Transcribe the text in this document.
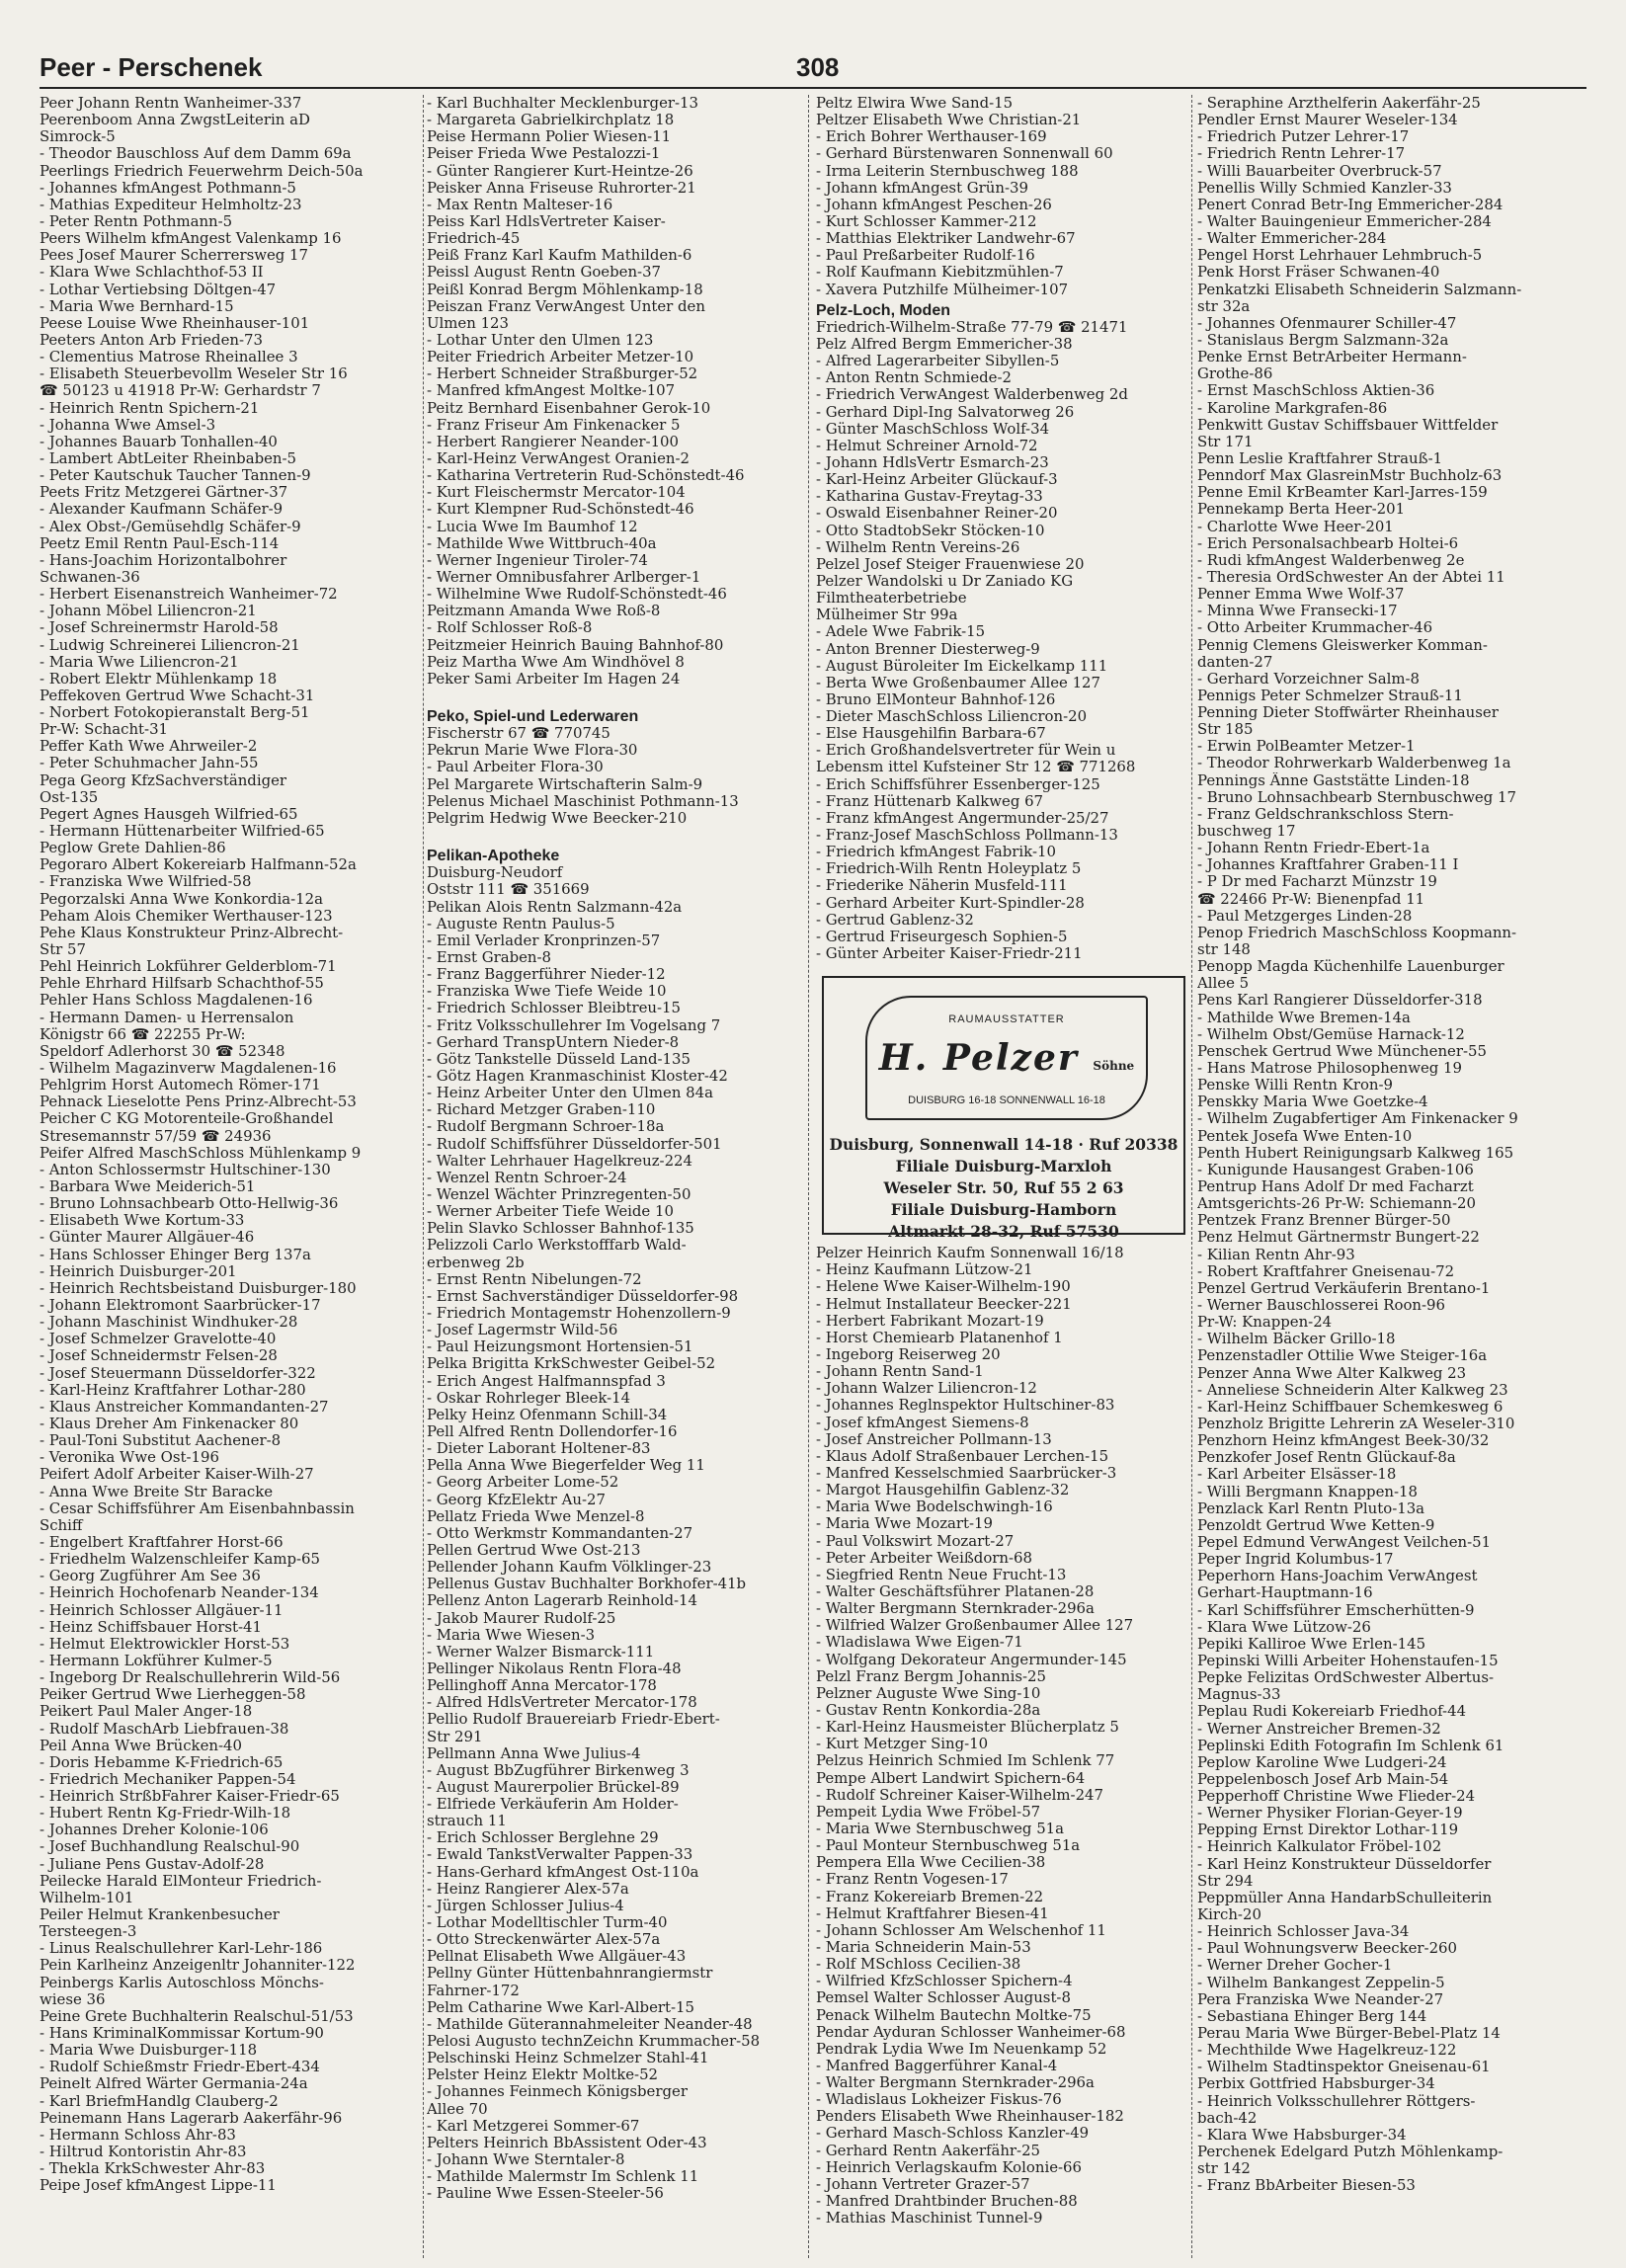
Peer - Perschenek	308
Peer Johann Rentn Wanheimer-337
Peerenboom Anna ZwgstLeiterin aD
Simrock-5
- Theodor Bauschloss Auf dem Damm 69a
Peerlings Friedrich Feuerwehrm Deich-50a
- Johannes kfmAngest Pothmann-5
- Mathias Expediteur Helmholtz-23
- Peter Rentn Pothmann-5
Peers Wilhelm kfmAngest Valenkamp 16
Pees Josef Maurer Scherrersweg 17
- Klara Wwe Schlachthof-53 II
- Lothar Vertiebsing Döltgen-47
- Maria Wwe Bernhard-15
Peese Louise Wwe Rheinhauser-101
Peeters Anton Arb Frieden-73
- Clementius Matrose Rheinallee 3
- Elisabeth Steuerbevollm Weseler Str 16
☎ 50123 u 41918 Pr-W: Gerhardstr 7
- Heinrich Rentn Spichern-21
- Johanna Wwe Amsel-3
- Johannes Bauarb Tonhallen-40
- Lambert AbtLeiter Rheinbaben-5
- Peter Kautschuk Taucher Tannen-9
Peets Fritz Metzgerei Gärtner-37
- Alexander Kaufmann Schäfer-9
- Alex Obst-/Gemüsehdlg Schäfer-9
Peetz Emil Rentn Paul-Esch-114
- Hans-Joachim Horizontalbohrer
Schwanen-36
- Herbert Eisenanstreich Wanheimer-72
- Johann Möbel Liliencron-21
- Josef Schreinermstr Harold-58
- Ludwig Schreinerei Liliencron-21
- Maria Wwe Liliencron-21
- Robert Elektr Mühlenkamp 18
Peffekoven Gertrud Wwe Schacht-31
- Norbert Fotokopieranstalt Berg-51
Pr-W: Schacht-31
Peffer Kath Wwe Ahrweiler-2
- Peter Schuhmacher Jahn-55
Pega Georg KfzSachverständiger
Ost-135
Pegert Agnes Hausgeh Wilfried-65
- Hermann Hüttenarbeiter Wilfried-65
Peglow Grete Dahlien-86
Pegoraro Albert Kokereiarb Halfmann-52a
- Franziska Wwe Wilfried-58
Pegorzalski Anna Wwe Konkordia-12a
Peham Alois Chemiker Werthauser-123
Pehe Klaus Konstrukteur Prinz-Albrecht-
Str 57
Pehl Heinrich Lokführer Gelderblom-71
Pehle Ehrhard Hilfsarb Schachthof-55
Pehler Hans Schloss Magdalenen-16
- Hermann Damen- u Herrensalon
Königstr 66 ☎ 22255 Pr-W:
Speldorf Adlerhorst 30 ☎ 52348
- Wilhelm Magazinverw Magdalenen-16
Pehlgrim Horst Automech Römer-171
Pehnack Lieselotte Pens Prinz-Albrecht-53
Peicher C KG Motorenteile-Großhandel
Stresemannstr 57/59 ☎ 24936
Peifer Alfred MaschSchloss Mühlenkamp 9
- Anton Schlossermstr Hultschiner-130
- Barbara Wwe Meiderich-51
- Bruno Lohnsachbearb Otto-Hellwig-36
- Elisabeth Wwe Kortum-33
- Günter Maurer Allgäuer-46
- Hans Schlosser Ehinger Berg 137a
- Heinrich Duisburger-201
- Heinrich Rechtsbeistand Duisburger-180
- Johann Elektromont Saarbrücker-17
- Johann Maschinist Windhuker-28
- Josef Schmelzer Gravelotte-40
- Josef Schneidermstr Felsen-28
- Josef Steuermann Düsseldorfer-322
- Karl-Heinz Kraftfahrer Lothar-280
- Klaus Anstreicher Kommandanten-27
- Klaus Dreher Am Finkenacker 80
- Paul-Toni Substitut Aachener-8
- Veronika Wwe Ost-196
Peifert Adolf Arbeiter Kaiser-Wilh-27
- Anna Wwe Breite Str Baracke
- Cesar Schiffsführer Am Eisenbahnbassin
Schiff
- Engelbert Kraftfahrer Horst-66
- Friedhelm Walzenschleifer Kamp-65
- Georg Zugführer Am See 36
- Heinrich Hochofenarb Neander-134
- Heinrich Schlosser Allgäuer-11
- Heinz Schiffsbauer Horst-41
- Helmut Elektrowickler Horst-53
- Hermann Lokführer Kulmer-5
- Ingeborg Dr Realschullehrerin Wild-56
Peiker Gertrud Wwe Lierheggen-58
Peikert Paul Maler Anger-18
- Rudolf MaschArb Liebfrauen-38
Peil Anna Wwe Brücken-40
- Doris Hebamme K-Friedrich-65
- Friedrich Mechaniker Pappen-54
- Heinrich StrßbFahrer Kaiser-Friedr-65
- Hubert Rentn Kg-Friedr-Wilh-18
- Johannes Dreher Kolonie-106
- Josef Buchhandlung Realschul-90
- Juliane Pens Gustav-Adolf-28
Peilecke Harald ElMonteur Friedrich-
Wilhelm-101
Peiler Helmut Krankenbesucher
Tersteegen-3
- Linus Realschullehrer Karl-Lehr-186
Pein Karlheinz Anzeigenltr Johanniter-122
Peinbergs Karlis Autoschloss Mönchs-
wiese 36
Peine Grete Buchhalterin Realschul-51/53
- Hans KriminalKommissar Kortum-90
- Maria Wwe Duisburger-118
- Rudolf Schießmstr Friedr-Ebert-434
Peinelt Alfred Wärter Germania-24a
- Karl BriefmHandlg Clauberg-2
Peinemann Hans Lagerarb Aakerfähr-96
- Hermann Schloss Ahr-83
- Hiltrud Kontoristin Ahr-83
- Thekla KrkSchwester Ahr-83
Peipe Josef kfmAngest Lippe-11
- Karl Buchhalter Mecklenburger-13
- Margareta Gabrielkirchplatz 18
Peise Hermann Polier Wiesen-11
Peiser Frieda Wwe Pestalozzi-1
- Günter Rangierer Kurt-Heintze-26
Peisker Anna Friseuse Ruhrorter-21
- Max Rentn Malteser-16
Peiss Karl HdlsVertreter Kaiser-
Friedrich-45
Peiß Franz Karl Kaufm Mathilden-6
Peissl August Rentn Goeben-37
Peißl Konrad Bergm Möhlenkamp-18
Peiszan Franz VerwAngest Unter den
Ulmen 123
- Lothar Unter den Ulmen 123
Peiter Friedrich Arbeiter Metzer-10
- Herbert Schneider Straßburger-52
- Manfred kfmAngest Moltke-107
Peitz Bernhard Eisenbahner Gerok-10
- Franz Friseur Am Finkenacker 5
- Herbert Rangierer Neander-100
- Karl-Heinz VerwAngest Oranien-2
- Katharina Vertreterin Rud-Schönstedt-46
- Kurt Fleischermstr Mercator-104
- Kurt Klempner Rud-Schönstedt-46
- Lucia Wwe Im Baumhof 12
- Mathilde Wwe Wittbruch-40a
- Werner Ingenieur Tiroler-74
- Werner Omnibusfahrer Arlberger-1
- Wilhelmine Wwe Rudolf-Schönstedt-46
Peitzmann Amanda Wwe Roß-8
- Rolf Schlosser Roß-8
Peitzmeier Heinrich Bauing Bahnhof-80
Peiz Martha Wwe Am Windhövel 8
Peker Sami Arbeiter Im Hagen 24
Peko, Spiel-und Lederwaren
Fischerstr 67 ☎ 770745
Pekrun Marie Wwe Flora-30
- Paul Arbeiter Flora-30
Pel Margarete Wirtschafterin Salm-9
Pelenus Michael Maschinist Pothmann-13
Pelgrim Hedwig Wwe Beecker-210
Pelikan-Apotheke
Duisburg-Neudorf
Oststr 111 ☎ 351669
Pelikan Alois Rentn Salzmann-42a
- Auguste Rentn Paulus-5
- Emil Verlader Kronprinzen-57
- Ernst Graben-8
- Franz Baggerführer Nieder-12
- Franziska Wwe Tiefe Weide 10
- Friedrich Schlosser Bleibtreu-15
- Fritz Volksschullehrer Im Vogelsang 7
- Gerhard TranspUntern Nieder-8
- Götz Tankstelle Düsseld Land-135
- Götz Hagen Kranmaschinist Kloster-42
- Heinz Arbeiter Unter den Ulmen 84a
- Richard Metzger Graben-110
- Rudolf Bergmann Schroer-18a
- Rudolf Schiffsführer Düsseldorfer-501
- Walter Lehrhauer Hagelkreuz-224
- Wenzel Rentn Schroer-24
- Wenzel Wächter Prinzregenten-50
- Werner Arbeiter Tiefe Weide 10
Pelin Slavko Schlosser Bahnhof-135
Pelizzoli Carlo Werkstofffarb Wald-
erbenweg 2b
- Ernst Rentn Nibelungen-72
- Ernst Sachverständiger Düsseldorfer-98
- Friedrich Montagemstr Hohenzollern-9
- Josef Lagermstr Wild-56
- Paul Heizungsmont Hortensien-51
Pelka Brigitta KrkSchwester Geibel-52
- Erich Angest Halfmannspfad 3
- Oskar Rohrleger Bleek-14
Pelky Heinz Ofenmann Schill-34
Pell Alfred Rentn Dollendorfer-16
- Dieter Laborant Holtener-83
Pella Anna Wwe Biegerfelder Weg 11
- Georg Arbeiter Lome-52
- Georg KfzElektr Au-27
Pellatz Frieda Wwe Menzel-8
- Otto Werkmstr Kommandanten-27
Pellen Gertrud Wwe Ost-213
Pellender Johann Kaufm Völklinger-23
Pellenus Gustav Buchhalter Borkhofer-41b
Pellenz Anton Lagerarb Reinhold-14
- Jakob Maurer Rudolf-25
- Maria Wwe Wiesen-3
- Werner Walzer Bismarck-111
Pellinger Nikolaus Rentn Flora-48
Pellinghoff Anna Mercator-178
- Alfred HdlsVertreter Mercator-178
Pellio Rudolf Brauereiarb Friedr-Ebert-
Str 291
Pellmann Anna Wwe Julius-4
- August BbZugführer Birkenweg 3
- August Maurerpolier Brückel-89
- Elfriede Verkäuferin Am Holder-
strauch 11
- Erich Schlosser Berglehne 29
- Ewald TankstVerwalter Pappen-33
- Hans-Gerhard kfmAngest Ost-110a
- Heinz Rangierer Alex-57a
- Jürgen Schlosser Julius-4
- Lothar Modelltischler Turm-40
- Otto Streckenwärter Alex-57a
Pellnat Elisabeth Wwe Allgäuer-43
Pellny Günter Hüttenbahnrangiermstr
Fahrner-172
Pelm Catharine Wwe Karl-Albert-15
- Mathilde Güterannahmeleiter Neander-48
Pelosi Augusto technZeichn Krummacher-58
Pelschinski Heinz Schmelzer Stahl-41
Pelster Heinz Elektr Moltke-52
- Johannes Feinmech Königsberger
Allee 70
- Karl Metzgerei Sommer-67
Pelters Heinrich BbAssistent Oder-43
- Johann Wwe Sterntaler-8
- Mathilde Malermstr Im Schlenk 11
- Pauline Wwe Essen-Steeler-56
Peltz Elwira Wwe Sand-15
Peltzer Elisabeth Wwe Christian-21
- Erich Bohrer Werthauser-169
- Gerhard Bürstenwaren Sonnenwall 60
- Irma Leiterin Sternbuschweg 188
- Johann kfmAngest Grün-39
- Johann kfmAngest Peschen-26
- Kurt Schlosser Kammer-212
- Matthias Elektriker Landwehr-67
- Paul Preßarbeiter Rudolf-16
- Rolf Kaufmann Kiebitzmühlen-7
- Xavera Putzhilfe Mülheimer-107
Pelz-Loch, Moden
Friedrich-Wilhelm-Straße 77-79 ☎ 21471
Pelz Alfred Bergm Emmericher-38
- Alfred Lagerarbeiter Sibyllen-5
- Anton Rentn Schmiede-2
- Friedrich VerwAngest Walderbenweg 2d
- Gerhard Dipl-Ing Salvatorweg 26
- Günter MaschSchloss Wolf-34
- Helmut Schreiner Arnold-72
- Johann HdlsVertr Esmarch-23
- Karl-Heinz Arbeiter Glückauf-3
- Katharina Gustav-Freytag-33
- Oswald Eisenbahner Reiner-20
- Otto StadtobSekr Stöcken-10
- Wilhelm Rentn Vereins-26
Pelzel Josef Steiger Frauenwiese 20
Pelzer Wandolski u Dr Zaniado KG
Filmtheaterbetriebe
Mülheimer Str 99a
- Adele Wwe Fabrik-15
- Anton Brenner Diesterweg-9
- August Büroleiter Im Eickelkamp 111
- Berta Wwe Großenbaumer Allee 127
- Bruno ElMonteur Bahnhof-126
- Dieter MaschSchloss Liliencron-20
- Else Hausgehilfin Barbara-67
- Erich Großhandelsvertreter für Wein u
Lebensm ittel Kufsteiner Str 12 ☎ 771268
- Erich Schiffsführer Essenberger-125
- Franz Hüttenarb Kalkweg 67
- Franz kfmAngest Angermunder-25/27
- Franz-Josef MaschSchloss Pollmann-13
- Friedrich kfmAngest Fabrik-10
- Friedrich-Wilh Rentn Holeyplatz 5
- Friederike Näherin Musfeld-111
- Gerhard Arbeiter Kurt-Spindler-28
- Gertrud Gablenz-32
- Gertrud Friseurgesch Sophien-5
- Günter Arbeiter Kaiser-Friedr-211
RAUMAUSSTATTER
H. Pelzer Söhne
DUISBURG 16-18 SONNENWALL 16-18
Duisburg, Sonnenwall 14-18 · Ruf 20338
Filiale Duisburg-Marxloh
Weseler Str. 50, Ruf 55 2 63
Filiale Duisburg-Hamborn
Altmarkt 28-32, Ruf 57530
Pelzer Heinrich Kaufm Sonnenwall 16/18
- Heinz Kaufmann Lützow-21
- Helene Wwe Kaiser-Wilhelm-190
- Helmut Installateur Beecker-221
- Herbert Fabrikant Mozart-19
- Horst Chemiearb Platanenhof 1
- Ingeborg Reiserweg 20
- Johann Rentn Sand-1
- Johann Walzer Liliencron-12
- Johannes Reglnspektor Hultschiner-83
- Josef kfmAngest Siemens-8
- Josef Anstreicher Pollmann-13
- Klaus Adolf Straßenbauer Lerchen-15
- Manfred Kesselschmied Saarbrücker-3
- Margot Hausgehilfin Gablenz-32
- Maria Wwe Bodelschwingh-16
- Maria Wwe Mozart-19
- Paul Volkswirt Mozart-27
- Peter Arbeiter Weißdorn-68
- Siegfried Rentn Neue Frucht-13
- Walter Geschäftsführer Platanen-28
- Walter Bergmann Sternkrader-296a
- Wilfried Walzer Großenbaumer Allee 127
- Wladislawa Wwe Eigen-71
- Wolfgang Dekorateur Angermunder-145
Pelzl Franz Bergm Johannis-25
Pelzner Auguste Wwe Sing-10
- Gustav Rentn Konkordia-28a
- Karl-Heinz Hausmeister Blücherplatz 5
- Kurt Metzger Sing-10
Pelzus Heinrich Schmied Im Schlenk 77
Pempe Albert Landwirt Spichern-64
- Rudolf Schreiner Kaiser-Wilhelm-247
Pempeit Lydia Wwe Fröbel-57
- Maria Wwe Sternbuschweg 51a
- Paul Monteur Sternbuschweg 51a
Pempera Ella Wwe Cecilien-38
- Franz Rentn Vogesen-17
- Franz Kokereiarb Bremen-22
- Helmut Kraftfahrer Biesen-41
- Johann Schlosser Am Welschenhof 11
- Maria Schneiderin Main-53
- Rolf MSchloss Cecilien-38
- Wilfried KfzSchlosser Spichern-4
Pemsel Walter Schlosser August-8
Penack Wilhelm Bautechn Moltke-75
Pendar Ayduran Schlosser Wanheimer-68
Pendrak Lydia Wwe Im Neuenkamp 52
- Manfred Baggerführer Kanal-4
- Walter Bergmann Sternkrader-296a
- Wladislaus Lokheizer Fiskus-76
Penders Elisabeth Wwe Rheinhauser-182
- Gerhard Masch-Schloss Kanzler-49
- Gerhard Rentn Aakerfähr-25
- Heinrich Verlagskaufm Kolonie-66
- Johann Vertreter Grazer-57
- Manfred Drahtbinder Bruchen-88
- Mathias Maschinist Tunnel-9
- Seraphine Arzthelferin Aakerfähr-25
Pendler Ernst Maurer Weseler-134
- Friedrich Putzer Lehrer-17
- Friedrich Rentn Lehrer-17
- Willi Bauarbeiter Overbruck-57
Penellis Willy Schmied Kanzler-33
Penert Conrad Betr-Ing Emmericher-284
- Walter Bauingenieur Emmericher-284
- Walter Emmericher-284
Pengel Horst Lehrhauer Lehmbruch-5
Penk Horst Fräser Schwanen-40
Penkatzki Elisabeth Schneiderin Salzmann-
str 32a
- Johannes Ofenmaurer Schiller-47
- Stanislaus Bergm Salzmann-32a
Penke Ernst BetrArbeiter Hermann-
Grothe-86
- Ernst MaschSchloss Aktien-36
- Karoline Markgrafen-86
Penkwitt Gustav Schiffsbauer Wittfelder
Str 171
Penn Leslie Kraftfahrer Strauß-1
Penndorf Max GlasreinMstr Buchholz-63
Penne Emil KrBeamter Karl-Jarres-159
Pennekamp Berta Heer-201
- Charlotte Wwe Heer-201
- Erich Personalsachbearb Holtei-6
- Rudi kfmAngest Walderbenweg 2e
- Theresia OrdSchwester An der Abtei 11
Penner Emma Wwe Wolf-37
- Minna Wwe Fransecki-17
- Otto Arbeiter Krummacher-46
Pennig Clemens Gleiswerker Komman-
danten-27
- Gerhard Vorzeichner Salm-8
Pennigs Peter Schmelzer Strauß-11
Penning Dieter Stoffwärter Rheinhauser
Str 185
- Erwin PolBeamter Metzer-1
- Theodor Rohrwerkarb Walderbenweg 1a
Pennings Änne Gaststätte Linden-18
- Bruno Lohnsachbearb Sternbuschweg 17
- Franz Geldschrankschloss Stern-
buschweg 17
- Johann Rentn Friedr-Ebert-1a
- Johannes Kraftfahrer Graben-11 I
- P Dr med Facharzt Münzstr 19
☎ 22466 Pr-W: Bienenpfad 11
- Paul Metzgerges Linden-28
Penop Friedrich MaschSchloss Koopmann-
str 148
Penopp Magda Küchenhilfe Lauenburger
Allee 5
Pens Karl Rangierer Düsseldorfer-318
- Mathilde Wwe Bremen-14a
- Wilhelm Obst/Gemüse Harnack-12
Penschek Gertrud Wwe Münchener-55
- Hans Matrose Philosophenweg 19
Penske Willi Rentn Kron-9
Penskky Maria Wwe Goetzke-4
- Wilhelm Zugabfertiger Am Finkenacker 9
Pentek Josefa Wwe Enten-10
Penth Hubert Reinigungsarb Kalkweg 165
- Kunigunde Hausangest Graben-106
Pentrup Hans Adolf Dr med Facharzt
Amtsgerichts-26 Pr-W: Schiemann-20
Pentzek Franz Brenner Bürger-50
Penz Helmut Gärtnermstr Bungert-22
- Kilian Rentn Ahr-93
- Robert Kraftfahrer Gneisenau-72
Penzel Gertrud Verkäuferin Brentano-1
- Werner Bauschlosserei Roon-96
Pr-W: Knappen-24
- Wilhelm Bäcker Grillo-18
Penzenstadler Ottilie Wwe Steiger-16a
Penzer Anna Wwe Alter Kalkweg 23
- Anneliese Schneiderin Alter Kalkweg 23
- Karl-Heinz Schiffbauer Schemkesweg 6
Penzholz Brigitte Lehrerin zA Weseler-310
Penzhorn Heinz kfmAngest Beek-30/32
Penzkofer Josef Rentn Glückauf-8a
- Karl Arbeiter Elsässer-18
- Willi Bergmann Knappen-18
Penzlack Karl Rentn Pluto-13a
Penzoldt Gertrud Wwe Ketten-9
Pepel Edmund VerwAngest Veilchen-51
Peper Ingrid Kolumbus-17
Peperhorn Hans-Joachim VerwAngest
Gerhart-Hauptmann-16
- Karl Schiffsführer Emscherhütten-9
- Klara Wwe Lützow-26
Pepiki Kalliroe Wwe Erlen-145
Pepinski Willi Arbeiter Hohenstaufen-15
Pepke Felizitas OrdSchwester Albertus-
Magnus-33
Peplau Rudi Kokereiarb Friedhof-44
- Werner Anstreicher Bremen-32
Peplinski Edith Fotografin Im Schlenk 61
Peplow Karoline Wwe Ludgeri-24
Peppelenbosch Josef Arb Main-54
Pepperhoff Christine Wwe Flieder-24
- Werner Physiker Florian-Geyer-19
Pepping Ernst Direktor Lothar-119
- Heinrich Kalkulator Fröbel-102
- Karl Heinz Konstrukteur Düsseldorfer
Str 294
Peppmüller Anna HandarbSchulleiterin
Kirch-20
- Heinrich Schlosser Java-34
- Paul Wohnungsverw Beecker-260
- Werner Dreher Gocher-1
- Wilhelm Bankangest Zeppelin-5
Pera Franziska Wwe Neander-27
- Sebastiana Ehinger Berg 144
Perau Maria Wwe Bürger-Bebel-Platz 14
- Mechthilde Wwe Hagelkreuz-122
- Wilhelm Stadtinspektor Gneisenau-61
Perbix Gottfried Habsburger-34
- Heinrich Volksschullehrer Röttgers-
bach-42
- Klara Wwe Habsburger-34
Perchenek Edelgard Putzh Möhlenkamp-
str 142
- Franz BbArbeiter Biesen-53
